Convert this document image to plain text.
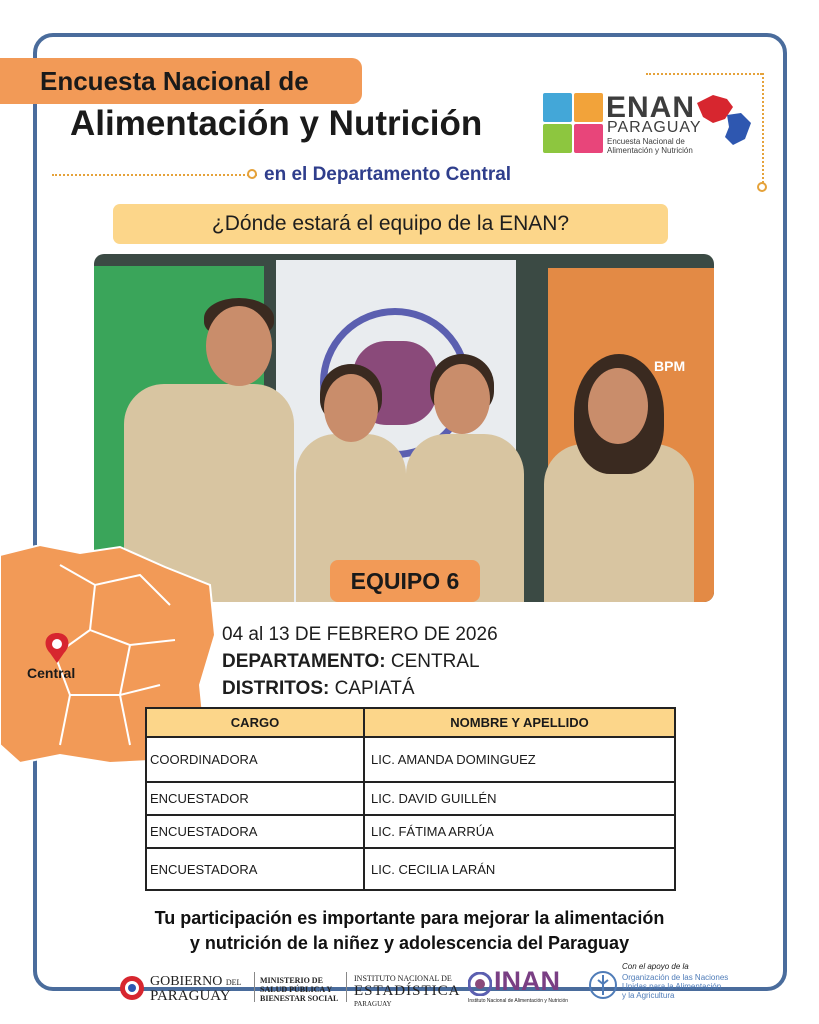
Encuesta Nacional de
Alimentación y Nutrición
en el Departamento Central
ENAN
PARAGUAY
Encuesta Nacional de Alimentación y Nutrición
¿Dónde estará el equipo de la ENAN?
BPM
EQUIPO 6
Central
04 al 13 DE FEBRERO DE 2026
DEPARTAMENTO: CENTRAL
DISTRITOS: CAPIATÁ
CARGO	NOMBRE Y APELLIDO
COORDINADORA	LIC. AMANDA DOMINGUEZ
ENCUESTADOR	LIC. DAVID GUILLÉN
ENCUESTADORA	LIC. FÁTIMA ARRÚA
ENCUESTADORA	LIC. CECILIA LARÁN
Tu participación es importante para mejorar la alimentación
y nutrición de la niñez y adolescencia del Paraguay
GOBIERNO DEL
PARAGUAY
MINISTERIO DE
SALUD PÚBLICA Y
BIENESTAR SOCIAL
INSTITUTO NACIONAL DE
ESTADÍSTICA
PARAGUAY
INAN
Instituto Nacional de Alimentación y Nutrición
Con el apoyo de la
Organización de las Naciones
Unidas para la Alimentación
y la Agricultura
